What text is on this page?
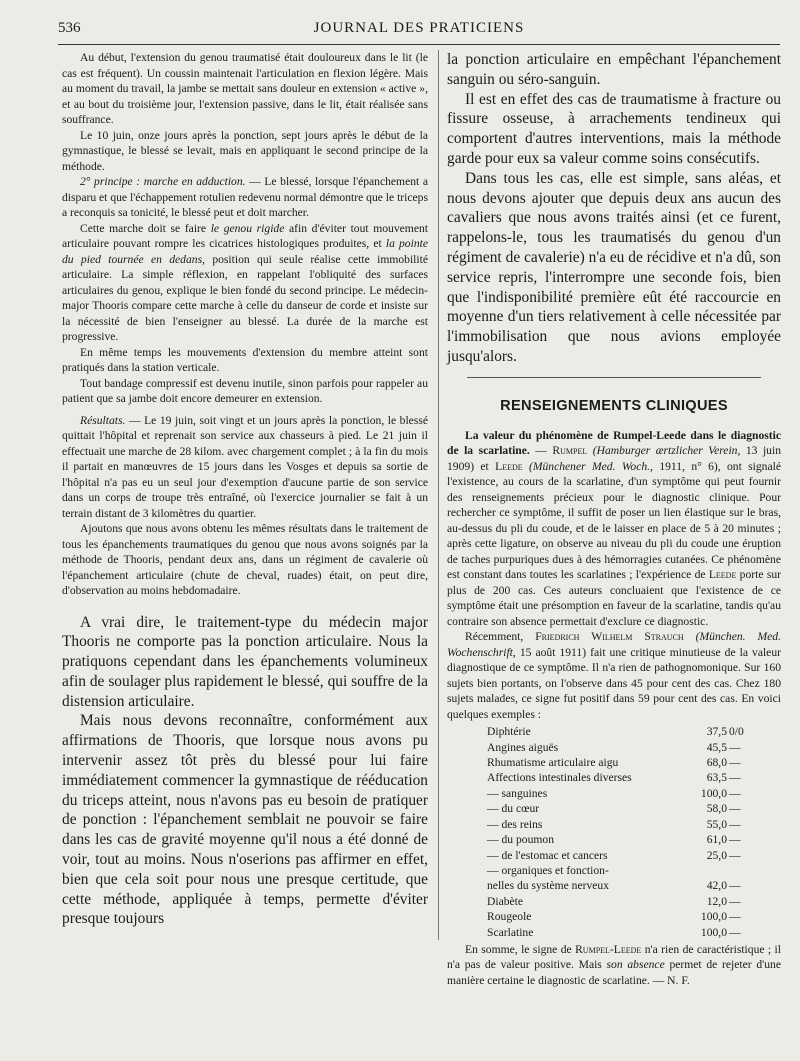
536	JOURNAL DES PRATICIENS

Au début, l'extension du genou traumatisé était douloureux dans le lit (le cas est fréquent). Un coussin maintenait l'articulation en flexion légère. Mais au moment du travail, la jambe se mettait sans douleur en extension « active », et au bout du troisième jour, l'extension passive, dans le lit, était réalisée sans souffrance.

Le 10 juin, onze jours après la ponction, sept jours après le début de la gymnastique, le blessé se levait, mais en appliquant le second principe de la méthode.

2° principe : marche en adduction. — Le blessé, lorsque l'épanchement a disparu et que l'échappement rotulien redevenu normal démontre que le triceps a reconquis sa tonicité, le blessé peut et doit marcher.

Cette marche doit se faire le genou rigide afin d'éviter tout mouvement articulaire pouvant rompre les cicatrices histologiques produites, et la pointe du pied tournée en dedans, position qui seule réalise cette immobilité articulaire. La simple réflexion, en rappelant l'obliquité des surfaces articulaires du genou, explique le bien fondé du second principe. Le médecin-major Thooris compare cette marche à celle du danseur de corde et insiste sur la nécessité de bien l'enseigner au blessé. La durée de la marche est progressive.

En même temps les mouvements d'extension du membre atteint sont pratiqués dans la station verticale.

Tout bandage compressif est devenu inutile, sinon parfois pour rappeler au patient que sa jambe doit encore demeurer en extension.

Résultats. — Le 19 juin, soit vingt et un jours après la ponction, le blessé quittait l'hôpital et reprenait son service aux chasseurs à pied. Le 21 juin il effectuait une marche de 28 kilom. avec chargement complet ; à la fin du mois il partait en manœuvres de 15 jours dans les Vosges et depuis sa sortie de l'hôpital n'a pas eu un seul jour d'exemption d'aucune partie de son service dans un corps de troupe très entraîné, où l'exercice journalier se fait à un terrain distant de 3 kilomètres du quartier.

Ajoutons que nous avons obtenu les mêmes résultats dans le traitement de tous les épanchements traumatiques du genou que nous avons soignés par la méthode de Thooris, pendant deux ans, dans un régiment de cavalerie où l'épanchement articulaire (chute de cheval, ruades) était, on peut dire, d'observation au moins hebdomadaire.

A vrai dire, le traitement-type du médecin major Thooris ne comporte pas la ponction articulaire. Nous la pratiquons cependant dans les épanchements volumineux afin de soulager plus rapidement le blessé, qui souffre de la distension articulaire.

Mais nous devons reconnaître, conformément aux affirmations de Thooris, que lorsque nous avons pu intervenir assez tôt près du blessé pour lui faire immédiatement commencer la gymnastique de rééducation du triceps atteint, nous n'avons pas eu besoin de pratiquer de ponction : l'épanchement semblait ne pouvoir se faire dans les cas de gravité moyenne qu'il nous a été donné de voir, tout au moins. Nous n'oserions pas affirmer en effet, bien que cela soit pour nous une presque certitude, que cette méthode, appliquée à temps, permette d'éviter presque toujours

la ponction articulaire en empêchant l'épanchement sanguin ou séro-sanguin.

Il est en effet des cas de traumatisme à fracture ou fissure osseuse, à arrachements tendineux qui comportent d'autres interventions, mais la méthode garde pour eux sa valeur comme soins consécutifs.

Dans tous les cas, elle est simple, sans aléas, et nous devons ajouter que depuis deux ans aucun des cavaliers que nous avons traités ainsi (et ce furent, rappelons-le, tous les traumatisés du genou d'un régiment de cavalerie) n'a eu de récidive et n'a dû, son service repris, l'interrompre une seconde fois, bien que l'indisponibilité première eût été raccourcie en moyenne d'un tiers relativement à celle nécessitée par l'immobilisation que nous avions employée jusqu'alors.

RENSEIGNEMENTS CLINIQUES

La valeur du phénomène de Rumpel-Leede dans le diagnostic de la scarlatine. — Rumpel (Hamburger ærtzlicher Verein, 13 juin 1909) et Leede (Münchener Med. Woch., 1911, n° 6), ont signalé l'existence, au cours de la scarlatine, d'un symptôme qui peut fournir des renseignements précieux pour le diagnostic clinique. Pour rechercher ce symptôme, il suffit de poser un lien élastique sur le bras, au-dessus du pli du coude, et de le laisser en place de 5 à 20 minutes ; après cette ligature, on observe au niveau du pli du coude une éruption de taches purpuriques dues à des hémorragies cutanées. Ce phénomène est constant dans toutes les scarlatines ; l'expérience de Leede porte sur plus de 200 cas. Ces auteurs concluaient que l'existence de ce symptôme était une présomption en faveur de la scarlatine, tandis qu'au contraire son absence permettait d'exclure ce diagnostic.

Récemment, Friedrich Wilhelm Strauch (München. Med. Wochenschrift, 15 août 1911) fait une critique minutieuse de la valeur diagnostique de ce symptôme. Il n'a rien de pathognomonique. Sur 160 sujets bien portants, on l'observe dans 45 pour cent des cas. Chez 180 sujets malades, ce signe fut positif dans 59 pour cent des cas. En voici quelques exemples :

Diphtérie	37,5	0/0
Angines aiguës	45,5	—
Rhumatisme articulaire aigu	68,0	—
Affections intestinales diverses	63,5	—
— sanguines	100,0	—
— du cœur	58,0	—
— des reins	55,0	—
— du poumon	61,0	—
— de l'estomac et cancers	25,0	—
— organiques et fonction-		
nelles du système nerveux	42,0	—
Diabète	12,0	—
Rougeole	100,0	—
Scarlatine	100,0	—

En somme, le signe de Rumpel-Leede n'a rien de caractéristique ; il n'a pas de valeur positive. Mais son absence permet de rejeter d'une manière certaine le diagnostic de scarlatine. — N. F.
